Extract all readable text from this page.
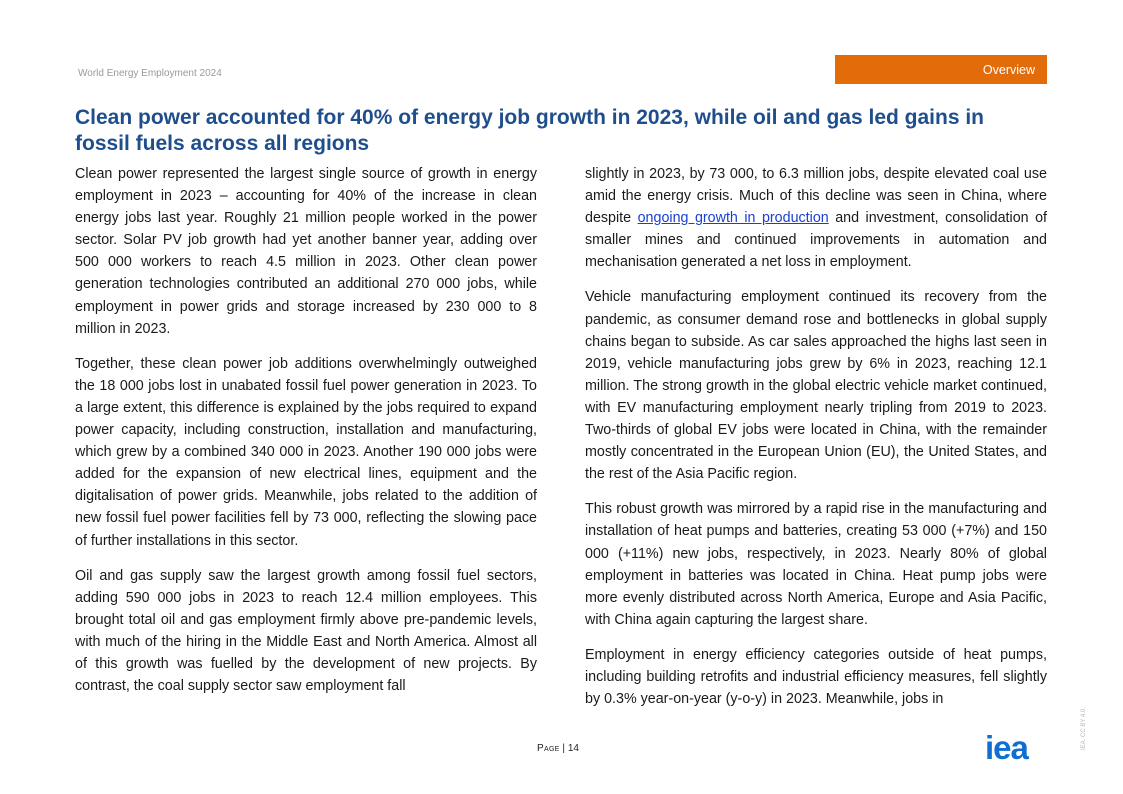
World Energy Employment 2024	Overview
Clean power accounted for 40% of energy job growth in 2023, while oil and gas led gains in fossil fuels across all regions

Clean power represented the largest single source of growth in energy employment in 2023 – accounting for 40% of the increase in clean energy jobs last year. Roughly 21 million people worked in the power sector. Solar PV job growth had yet another banner year, adding over 500 000 workers to reach 4.5 million in 2023. Other clean power generation technologies contributed an additional 270 000 jobs, while employment in power grids and storage increased by 230 000 to 8 million in 2023.

Together, these clean power job additions overwhelmingly outweighed the 18 000 jobs lost in unabated fossil fuel power generation in 2023. To a large extent, this difference is explained by the jobs required to expand power capacity, including construction, installation and manufacturing, which grew by a combined 340 000 in 2023. Another 190 000 jobs were added for the expansion of new electrical lines, equipment and the digitalisation of power grids. Meanwhile, jobs related to the addition of new fossil fuel power facilities fell by 73 000, reflecting the slowing pace of further installations in this sector.

Oil and gas supply saw the largest growth among fossil fuel sectors, adding 590 000 jobs in 2023 to reach 12.4 million employees. This brought total oil and gas employment firmly above pre-pandemic levels, with much of the hiring in the Middle East and North America. Almost all of this growth was fuelled by the development of new projects. By contrast, the coal supply sector saw employment fall

slightly in 2023, by 73 000, to 6.3 million jobs, despite elevated coal use amid the energy crisis. Much of this decline was seen in China, where despite ongoing growth in production and investment, consolidation of smaller mines and continued improvements in automation and mechanisation generated a net loss in employment.

Vehicle manufacturing employment continued its recovery from the pandemic, as consumer demand rose and bottlenecks in global supply chains began to subside. As car sales approached the highs last seen in 2019, vehicle manufacturing jobs grew by 6% in 2023, reaching 12.1 million. The strong growth in the global electric vehicle market continued, with EV manufacturing employment nearly tripling from 2019 to 2023. Two-thirds of global EV jobs were located in China, with the remainder mostly concentrated in the European Union (EU), the United States, and the rest of the Asia Pacific region.

This robust growth was mirrored by a rapid rise in the manufacturing and installation of heat pumps and batteries, creating 53 000 (+7%) and 150 000 (+11%) new jobs, respectively, in 2023. Nearly 80% of global employment in batteries was located in China. Heat pump jobs were more evenly distributed across North America, Europe and Asia Pacific, with China again capturing the largest share.

Employment in energy efficiency categories outside of heat pumps, including building retrofits and industrial efficiency measures, fell slightly by 0.3% year-on-year (y-o-y) in 2023. Meanwhile, jobs in

Page | 14	iea	IEA. CC BY 4.0.
